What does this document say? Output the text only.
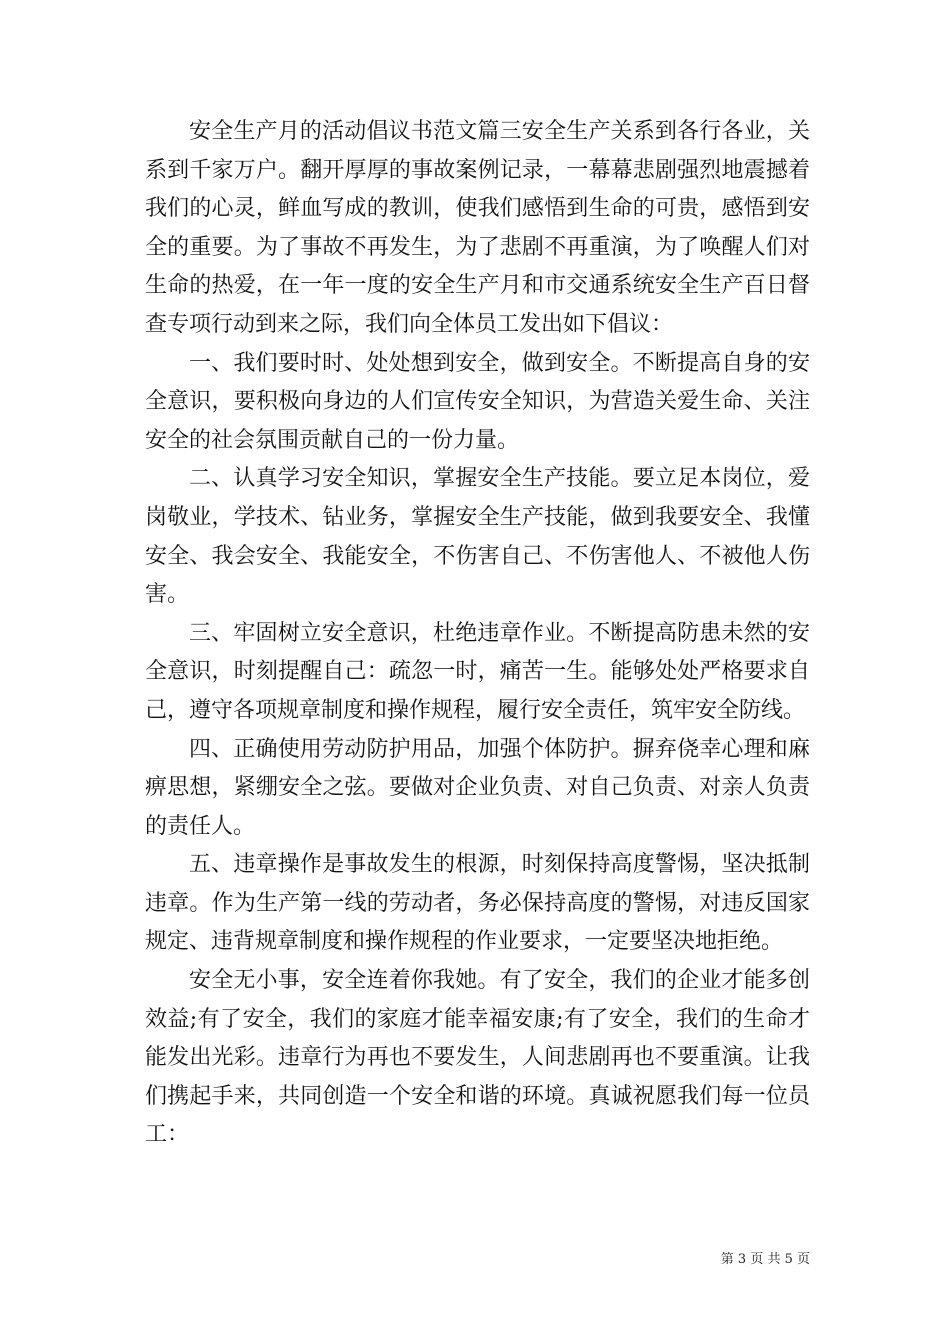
安全生产月的活动倡议书范文篇三安全生产关系到各行各业，关系到千家万户。翻开厚厚的事故案例记录，一幕幕悲剧强烈地震撼着我们的心灵，鲜血写成的教训，使我们感悟到生命的可贵，感悟到安全的重要。为了事故不再发生，为了悲剧不再重演，为了唤醒人们对生命的热爱，在一年一度的安全生产月和市交通系统安全生产百日督查专项行动到来之际，我们向全体员工发出如下倡议：

一、我们要时时、处处想到安全，做到安全。不断提高自身的安全意识，要积极向身边的人们宣传安全知识，为营造关爱生命、关注安全的社会氛围贡献自己的一份力量。

二、认真学习安全知识，掌握安全生产技能。要立足本岗位，爱岗敬业，学技术、钻业务，掌握安全生产技能，做到我要安全、我懂安全、我会安全、我能安全，不伤害自己、不伤害他人、不被他人伤害。

三、牢固树立安全意识，杜绝违章作业。不断提高防患未然的安全意识，时刻提醒自己：疏忽一时，痛苦一生。能够处处严格要求自己，遵守各项规章制度和操作规程，履行安全责任，筑牢安全防线。

四、正确使用劳动防护用品，加强个体防护。摒弃侥幸心理和麻痹思想，紧绷安全之弦。要做对企业负责、对自己负责、对亲人负责的责任人。

五、违章操作是事故发生的根源，时刻保持高度警惕，坚决抵制违章。作为生产第一线的劳动者，务必保持高度的警惕，对违反国家规定、违背规章制度和操作规程的作业要求，一定要坚决地拒绝。

安全无小事，安全连着你我她。有了安全，我们的企业才能多创效益;有了安全，我们的家庭才能幸福安康;有了安全，我们的生命才能发出光彩。违章行为再也不要发生，人间悲剧再也不要重演。让我们携起手来，共同创造一个安全和谐的环境。真诚祝愿我们每一位员工：

第 3 页 共 5 页
